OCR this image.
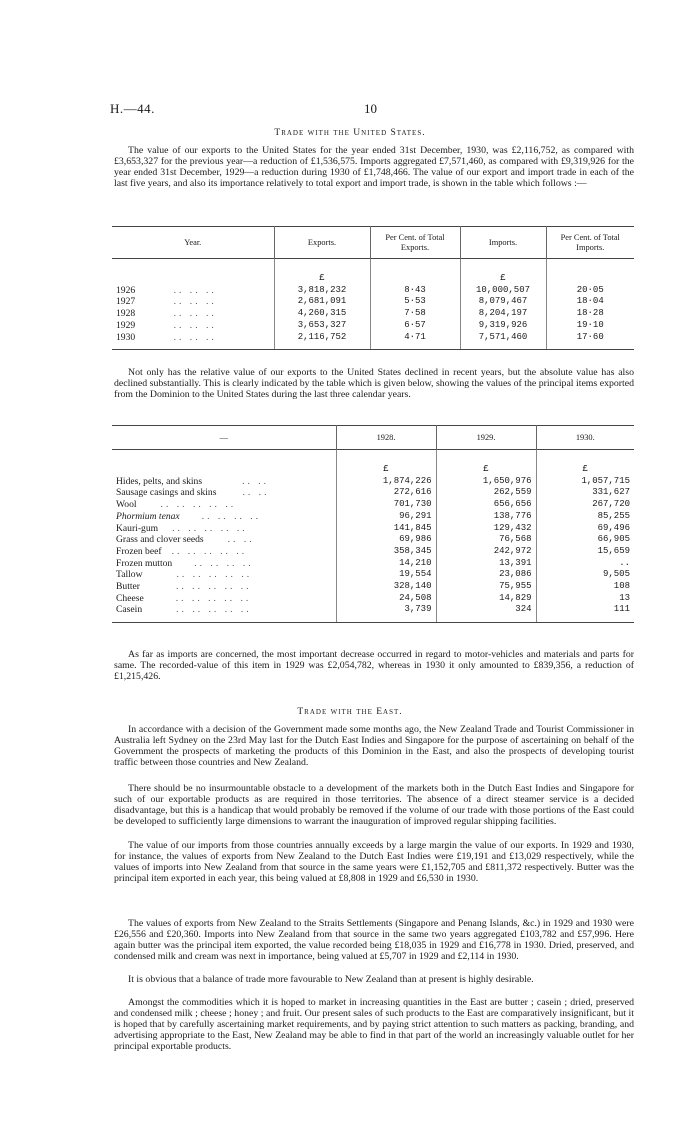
H.—44.	10
Trade with the United States.

The value of our exports to the United States for the year ended 31st December, 1930, was £2,116,752, as compared with £3,653,327 for the previous year—a reduction of £1,536,575. Imports aggregated £7,571,460, as compared with £9,319,926 for the year ended 31st December, 1929—a reduction during 1930 of £1,748,466. The value of our export and import trade in each of the last five years, and also its importance relatively to total export and import trade, is shown in the table which follows :—

Year.	Exports.	Per Cent. of Total Exports.	Imports.	Per Cent. of Total Imports.

	£		£	
1926 .. .. ..	3,818,232	8·43	10,000,507	20·05
1927 .. .. ..	2,681,091	5·53	8,079,467	18·04
1928 .. .. ..	4,260,315	7·58	8,204,197	18·28
1929 .. .. ..	3,653,327	6·57	9,319,926	19·10
1930 .. .. ..	2,116,752	4·71	7,571,460	17·60

Not only has the relative value of our exports to the United States declined in recent years, but the absolute value has also declined substantially. This is clearly indicated by the table which is given below, showing the values of the principal items exported from the Dominion to the United States during the last three calendar years.

—	1928.	1929.	1930.

	£	£	£
Hides, pelts, and skins .. ..	1,874,226	1,650,976	1,057,715
Sausage casings and skins .. ..	272,616	262,559	331,627
Wool .. .. .. .. ..	701,730	656,656	267,720
Phormium tenax .. .. .. ..	96,291	138,776	85,255
Kauri-gum .. .. .. .. ..	141,845	129,432	69,496
Grass and clover seeds .. ..	69,986	76,568	66,905
Frozen beef .. .. .. .. ..	358,345	242,972	15,659
Frozen mutton .. .. .. ..	14,210	13,391	..
Tallow .. .. .. .. ..	19,554	23,086	9,505
Butter .. .. .. .. ..	328,140	75,955	108
Cheese .. .. .. .. ..	24,508	14,829	13
Casein .. .. .. .. ..	3,739	324	111

As far as imports are concerned, the most important decrease occurred in regard to motor-vehicles and materials and parts for same. The recorded-value of this item in 1929 was £2,054,782, whereas in 1930 it only amounted to £839,356, a reduction of £1,215,426.

Trade with the East.

In accordance with a decision of the Government made some months ago, the New Zealand Trade and Tourist Commissioner in Australia left Sydney on the 23rd May last for the Dutch East Indies and Singapore for the purpose of ascertaining on behalf of the Government the prospects of marketing the products of this Dominion in the East, and also the prospects of developing tourist traffic between those countries and New Zealand.

There should be no insurmountable obstacle to a development of the markets both in the Dutch East Indies and Singapore for such of our exportable products as are required in those territories. The absence of a direct steamer service is a decided disadvantage, but this is a handicap that would probably be removed if the volume of our trade with those portions of the East could be developed to sufficiently large dimensions to warrant the inauguration of improved regular shipping facilities.

The value of our imports from those countries annually exceeds by a large margin the value of our exports. In 1929 and 1930, for instance, the values of exports from New Zealand to the Dutch East Indies were £19,191 and £13,029 respectively, while the values of imports into New Zealand from that source in the same years were £1,152,705 and £811,372 respectively. Butter was the principal item exported in each year, this being valued at £8,808 in 1929 and £6,530 in 1930.

The values of exports from New Zealand to the Straits Settlements (Singapore and Penang Islands, &c.) in 1929 and 1930 were £26,556 and £20,360. Imports into New Zealand from that source in the same two years aggregated £103,782 and £57,996. Here again butter was the principal item exported, the value recorded being £18,035 in 1929 and £16,778 in 1930. Dried, preserved, and condensed milk and cream was next in importance, being valued at £5,707 in 1929 and £2,114 in 1930.

It is obvious that a balance of trade more favourable to New Zealand than at present is highly desirable.

Amongst the commodities which it is hoped to market in increasing quantities in the East are butter ; casein ; dried, preserved and condensed milk ; cheese ; honey ; and fruit. Our present sales of such products to the East are comparatively insignificant, but it is hoped that by carefully ascertaining market requirements, and by paying strict attention to such matters as packing, branding, and advertising appropriate to the East, New Zealand may be able to find in that part of the world an increasingly valuable outlet for her principal exportable products.
